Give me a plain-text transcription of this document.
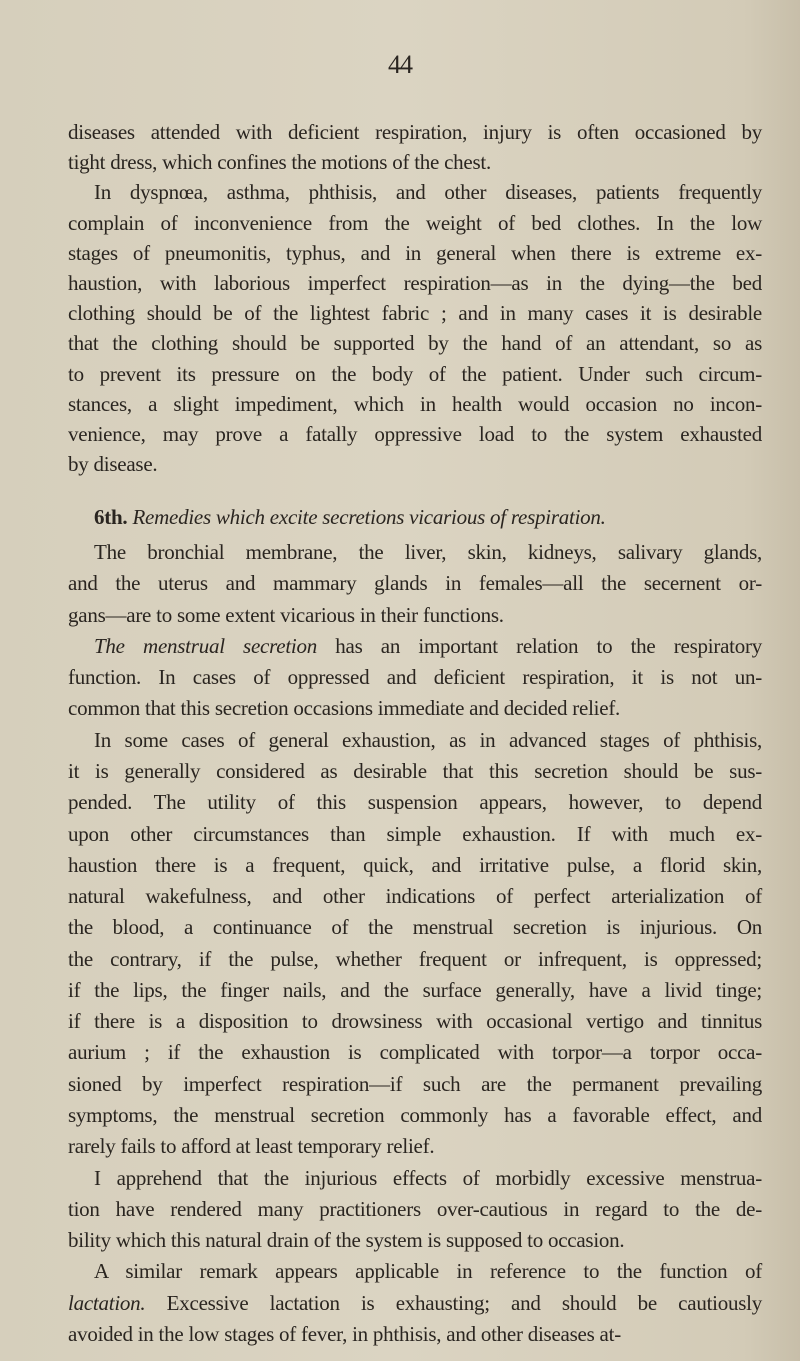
44
diseases attended with deficient respiration, injury is often occasioned by
tight dress, which confines the motions of the chest.
In dyspnœa, asthma, phthisis, and other diseases, patients frequently
complain of inconvenience from the weight of bed clothes. In the low
stages of pneumonitis, typhus, and in general when there is extreme ex-
haustion, with laborious imperfect respiration—as in the dying—the bed
clothing should be of the lightest fabric ; and in many cases it is desirable
that the clothing should be supported by the hand of an attendant, so as
to prevent its pressure on the body of the patient. Under such circum-
stances, a slight impediment, which in health would occasion no incon-
venience, may prove a fatally oppressive load to the system exhausted
by disease.
6th. Remedies which excite secretions vicarious of respiration.
The bronchial membrane, the liver, skin, kidneys, salivary glands,
and the uterus and mammary glands in females—all the secernent or-
gans—are to some extent vicarious in their functions.
The menstrual secretion has an important relation to the respiratory
function. In cases of oppressed and deficient respiration, it is not un-
common that this secretion occasions immediate and decided relief.
In some cases of general exhaustion, as in advanced stages of phthisis,
it is generally considered as desirable that this secretion should be sus-
pended. The utility of this suspension appears, however, to depend
upon other circumstances than simple exhaustion. If with much ex-
haustion there is a frequent, quick, and irritative pulse, a florid skin,
natural wakefulness, and other indications of perfect arterialization of
the blood, a continuance of the menstrual secretion is injurious. On
the contrary, if the pulse, whether frequent or infrequent, is oppressed;
if the lips, the finger nails, and the surface generally, have a livid tinge;
if there is a disposition to drowsiness with occasional vertigo and tinnitus
aurium ; if the exhaustion is complicated with torpor—a torpor occa-
sioned by imperfect respiration—if such are the permanent prevailing
symptoms, the menstrual secretion commonly has a favorable effect, and
rarely fails to afford at least temporary relief.
I apprehend that the injurious effects of morbidly excessive menstrua-
tion have rendered many practitioners over-cautious in regard to the de-
bility which this natural drain of the system is supposed to occasion.
A similar remark appears applicable in reference to the function of
lactation. Excessive lactation is exhausting; and should be cautiously
avoided in the low stages of fever, in phthisis, and other diseases at-
